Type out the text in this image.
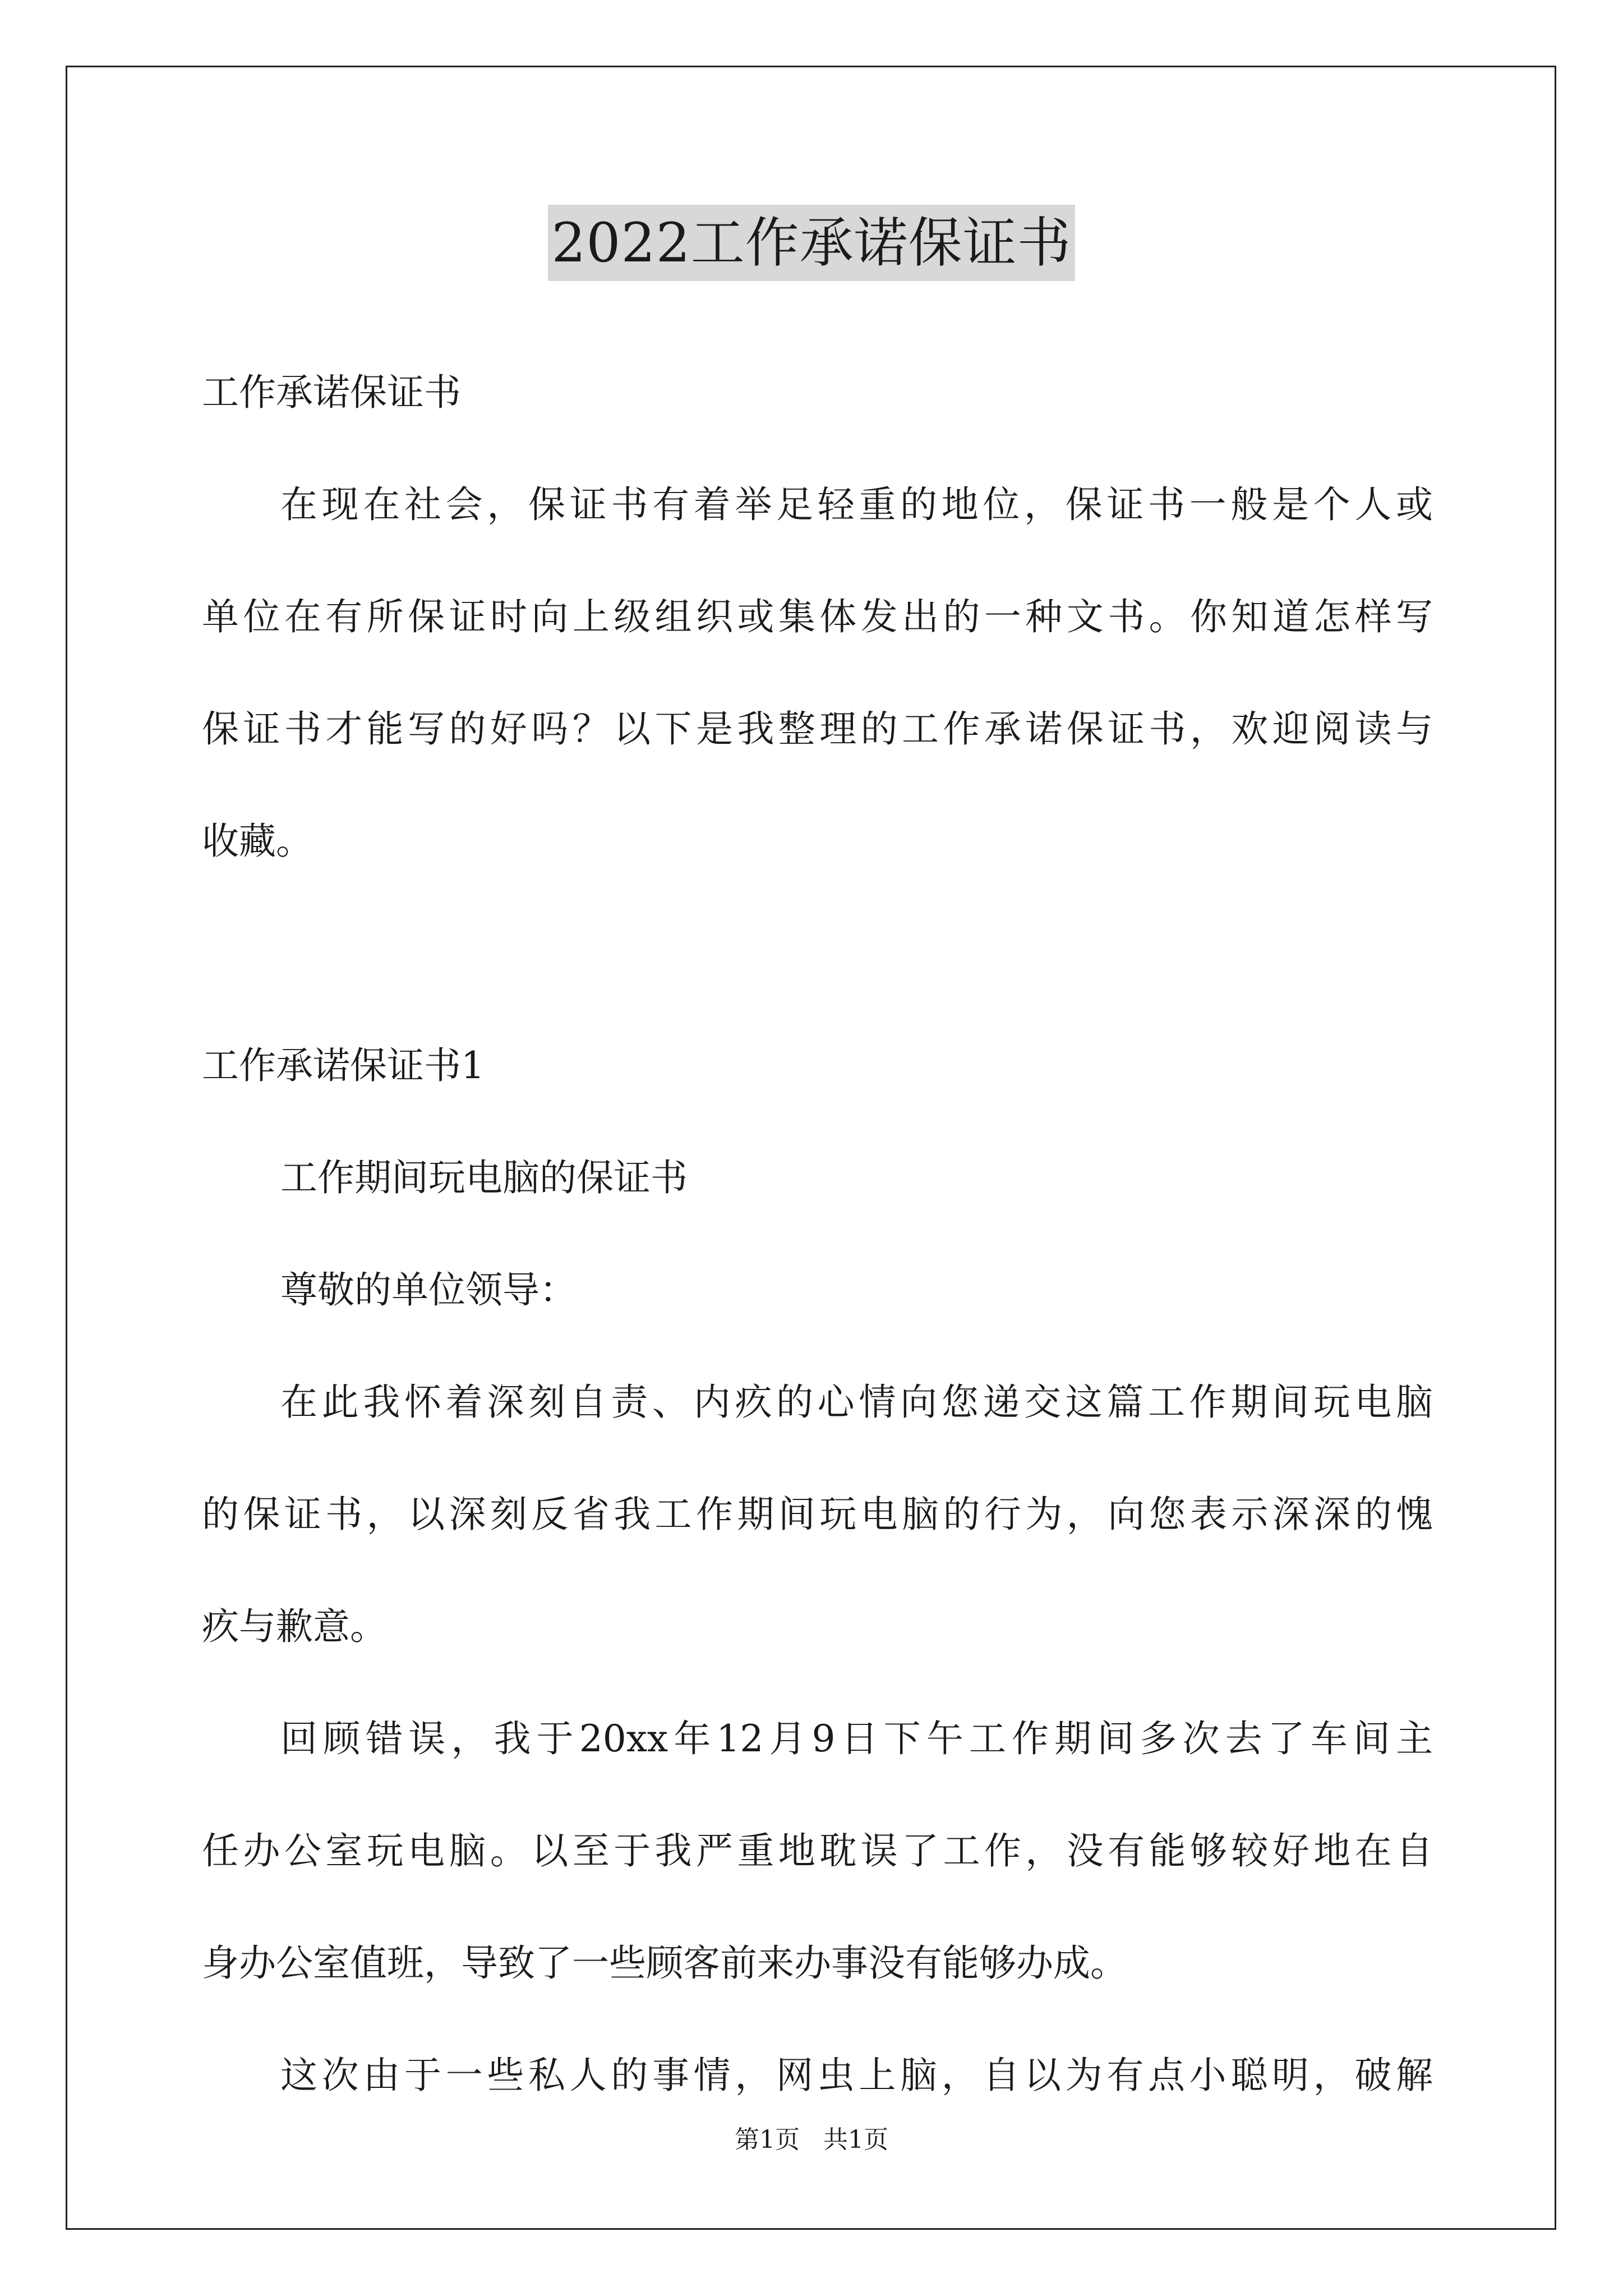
2022工作承诺保证书
工作承诺保证书
在现在社会，保证书有着举足轻重的地位，保证书一般是个人或
单位在有所保证时向上级组织或集体发出的一种文书。你知道怎样写
保证书才能写的好吗？以下是我整理的工作承诺保证书，欢迎阅读与
收藏。
工作承诺保证书1
工作期间玩电脑的保证书
尊敬的单位领导：
在此我怀着深刻自责、内疚的心情向您递交这篇工作期间玩电脑
的保证书，以深刻反省我工作期间玩电脑的行为，向您表示深深的愧
疚与歉意。
回顾错误，我于20xx年12月9日下午工作期间多次去了车间主
任办公室玩电脑。以至于我严重地耽误了工作，没有能够较好地在自
身办公室值班，导致了一些顾客前来办事没有能够办成。
这次由于一些私人的事情，网虫上脑，自以为有点小聪明，破解
第1页 共1页
